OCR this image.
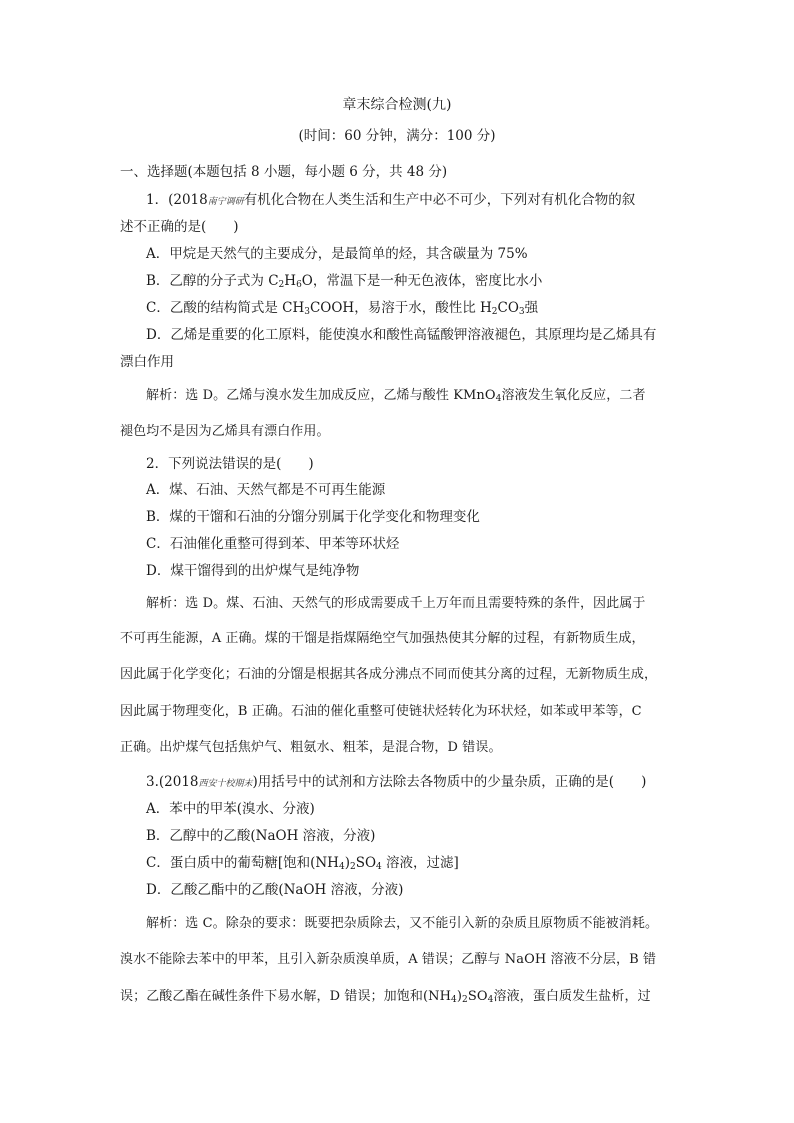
章末综合检测(九)
(时间：60 分钟，满分：100 分)
一、选择题(本题包括 8 小题，每小题 6 分，共 48 分)
1．(2018南宁调研有机化合物在人类生活和生产中必不可少，下列对有机化合物的叙
述不正确的是(　　)
A．甲烷是天然气的主要成分，是最简单的烃，其含碳量为 75%
B．乙醇的分子式为 $C_2H_6O$，常温下是一种无色液体，密度比水小
C．乙酸的结构简式是 $CH_3COOH$，易溶于水，酸性比 $H_2CO_3$强
D．乙烯是重要的化工原料，能使溴水和酸性高锰酸钾溶液褪色，其原理均是乙烯具有
漂白作用
解析：选 D。乙烯与溴水发生加成反应，乙烯与酸性 KMnO$_4$溶液发生氧化反应，二者
褪色均不是因为乙烯具有漂白作用。
2．下列说法错误的是(　　)
A．煤、石油、天然气都是不可再生能源
B．煤的干馏和石油的分馏分别属于化学变化和物理变化
C．石油催化重整可得到苯、甲苯等环状烃
D．煤干馏得到的出炉煤气是纯净物
解析：选 D。煤、石油、天然气的形成需要成千上万年而且需要特殊的条件，因此属于
不可再生能源，A 正确。煤的干馏是指煤隔绝空气加强热使其分解的过程，有新物质生成，
因此属于化学变化；石油的分馏是根据其各成分沸点不同而使其分离的过程，无新物质生成，
因此属于物理变化，B 正确。石油的催化重整可使链状烃转化为环状烃，如苯或甲苯等，C
正确。出炉煤气包括焦炉气、粗氨水、粗苯，是混合物，D 错误。
3.(2018西安十校期末)用括号中的试剂和方法除去各物质中的少量杂质，正确的是(　　)
A．苯中的甲苯(溴水、分液)
B．乙醇中的乙酸(NaOH 溶液，分液)
C．蛋白质中的葡萄糖[饱和$(NH_4)_2SO_4$ 溶液，过滤]
D．乙酸乙酯中的乙酸(NaOH 溶液，分液)
解析：选 C。除杂的要求：既要把杂质除去，又不能引入新的杂质且原物质不能被消耗。
溴水不能除去苯中的甲苯，且引入新杂质溴单质，A 错误；乙醇与 NaOH 溶液不分层，B 错
误；乙酸乙酯在碱性条件下易水解，D 错误；加饱和$(NH_4)_2SO_4$溶液，蛋白质发生盐析，过
